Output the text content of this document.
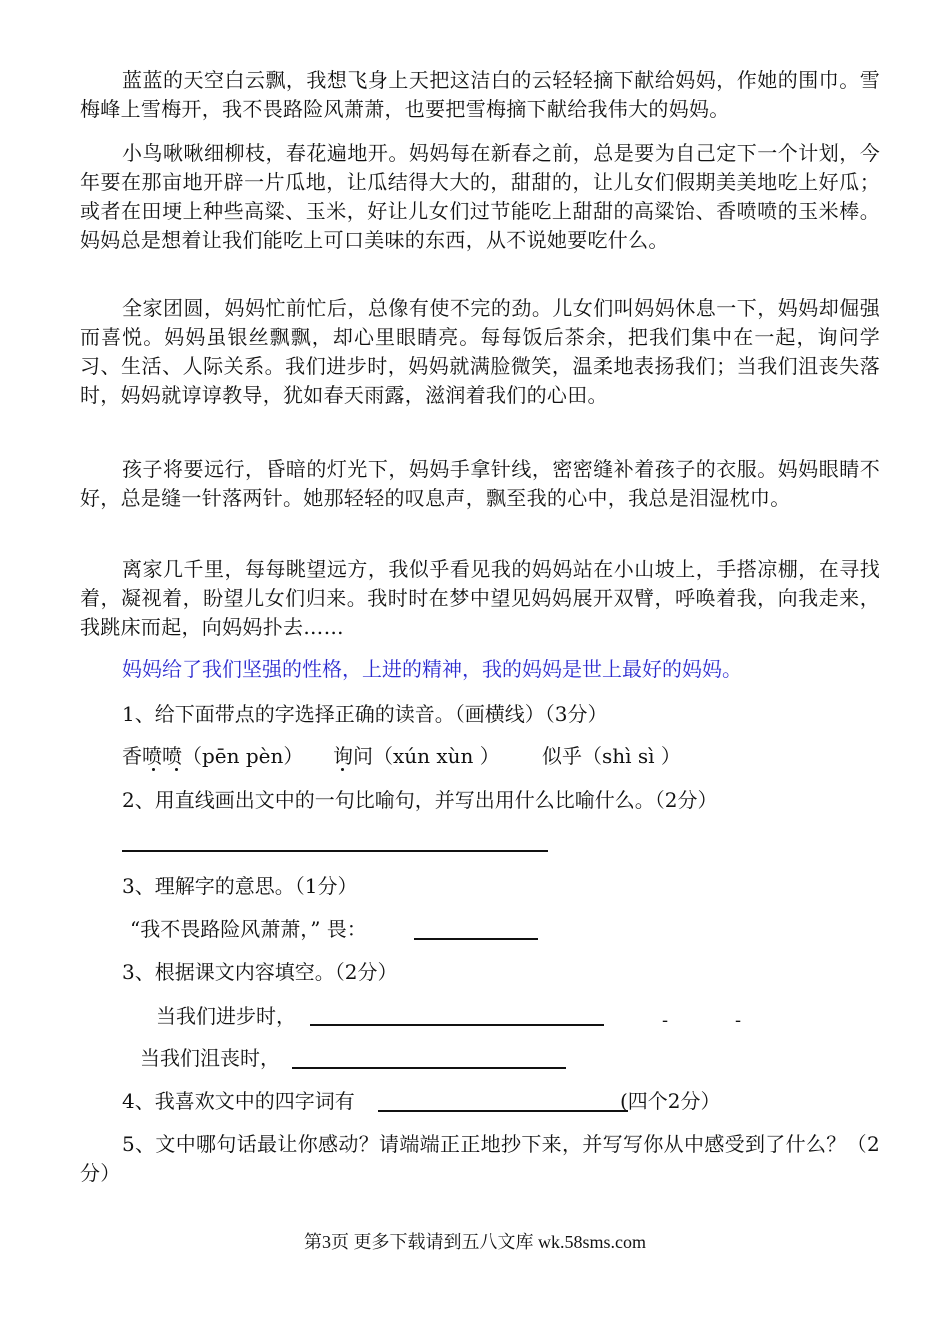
蓝蓝的天空白云飘，我想飞身上天把这洁白的云轻轻摘下献给妈妈，作她的围巾。雪梅峰上雪梅开，我不畏路险风萧萧，也要把雪梅摘下献给我伟大的妈妈。

小鸟啾啾细柳枝，春花遍地开。妈妈每在新春之前，总是要为自己定下一个计划，今年要在那亩地开辟一片瓜地，让瓜结得大大的，甜甜的，让儿女们假期美美地吃上好瓜；或者在田埂上种些高粱、玉米，好让儿女们过节能吃上甜甜的高粱饴、香喷喷的玉米棒。妈妈总是想着让我们能吃上可口美味的东西，从不说她要吃什么。

全家团圆，妈妈忙前忙后，总像有使不完的劲。儿女们叫妈妈休息一下，妈妈却倔强而喜悦。妈妈虽银丝飘飘，却心里眼睛亮。每每饭后茶余，把我们集中在一起，询问学习、生活、人际关系。我们进步时，妈妈就满脸微笑，温柔地表扬我们；当我们沮丧失落时，妈妈就谆谆教导，犹如春天雨露，滋润着我们的心田。

孩子将要远行，昏暗的灯光下，妈妈手拿针线，密密缝补着孩子的衣服。妈妈眼睛不好，总是缝一针落两针。她那轻轻的叹息声，飘至我的心中，我总是泪湿枕巾。

离家几千里，每每眺望远方，我似乎看见我的妈妈站在小山坡上，手搭凉棚，在寻找着，凝视着，盼望儿女们归来。我时时在梦中望见妈妈展开双臂，呼唤着我，向我走来，我跳床而起，向妈妈扑去……

妈妈给了我们坚强的性格，上进的精神，我的妈妈是世上最好的妈妈。

1、给下面带点的字选择正确的读音。（画横线）（3分）

香喷喷（pēn pèn） 询问（xún xùn ） 似乎（shì sì ）

2、用直线画出文中的一句比喻句，并写出用什么比喻什么。（2分）

3、理解字的意思。（1分）

“我不畏路险风萧萧，” 畏：

3、根据课文内容填空。（2分）

当我们进步时，	-	-

当我们沮丧时，

4、我喜欢文中的四字词有	(四个2分）

5、文中哪句话最让你感动？请端端正正地抄下来，并写写你从中感受到了什么？（2分）

第3页 更多下载请到五八文库 wk.58sms.com
